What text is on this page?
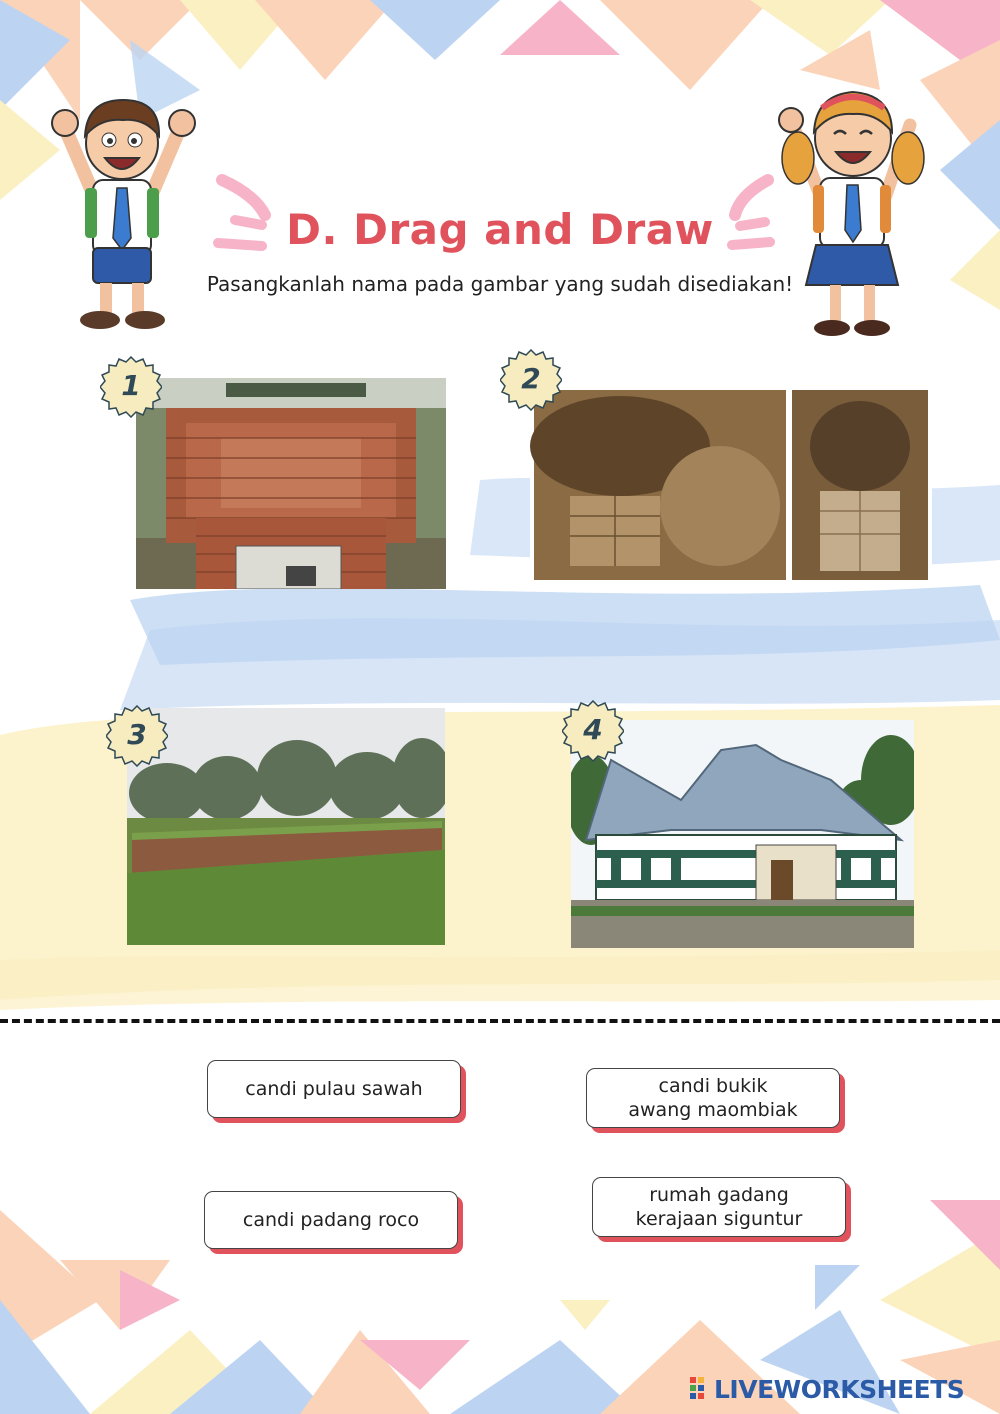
D. Drag and Draw
Pasangkanlah nama pada gambar yang sudah disediakan!
1	2
3	4
candi pulau sawah	candi bukik
awang maombiak
candi padang roco
rumah gadang
kerajaan siguntur
LIVEWORKSHEETS
